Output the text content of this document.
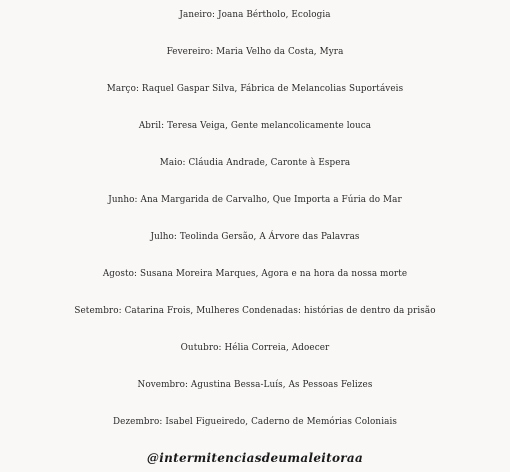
Janeiro: Joana Bértholo, Ecologia
Fevereiro: Maria Velho da Costa, Myra
Março: Raquel Gaspar Silva, Fábrica de Melancolias Suportáveis
Abril: Teresa Veiga, Gente melancolicamente louca
Maio: Cláudia Andrade, Caronte à Espera
Junho: Ana Margarida de Carvalho, Que Importa a Fúria do Mar
Julho: Teolinda Gersão, A Árvore das Palavras
Agosto: Susana Moreira Marques, Agora e na hora da nossa morte
Setembro: Catarina Frois, Mulheres Condenadas: histórias de dentro da prisão
Outubro: Hélia Correia, Adoecer
Novembro: Agustina Bessa-Luís, As Pessoas Felizes
Dezembro: Isabel Figueiredo, Caderno de Memórias Coloniais
@intermitenciasdeumaleitoraa
